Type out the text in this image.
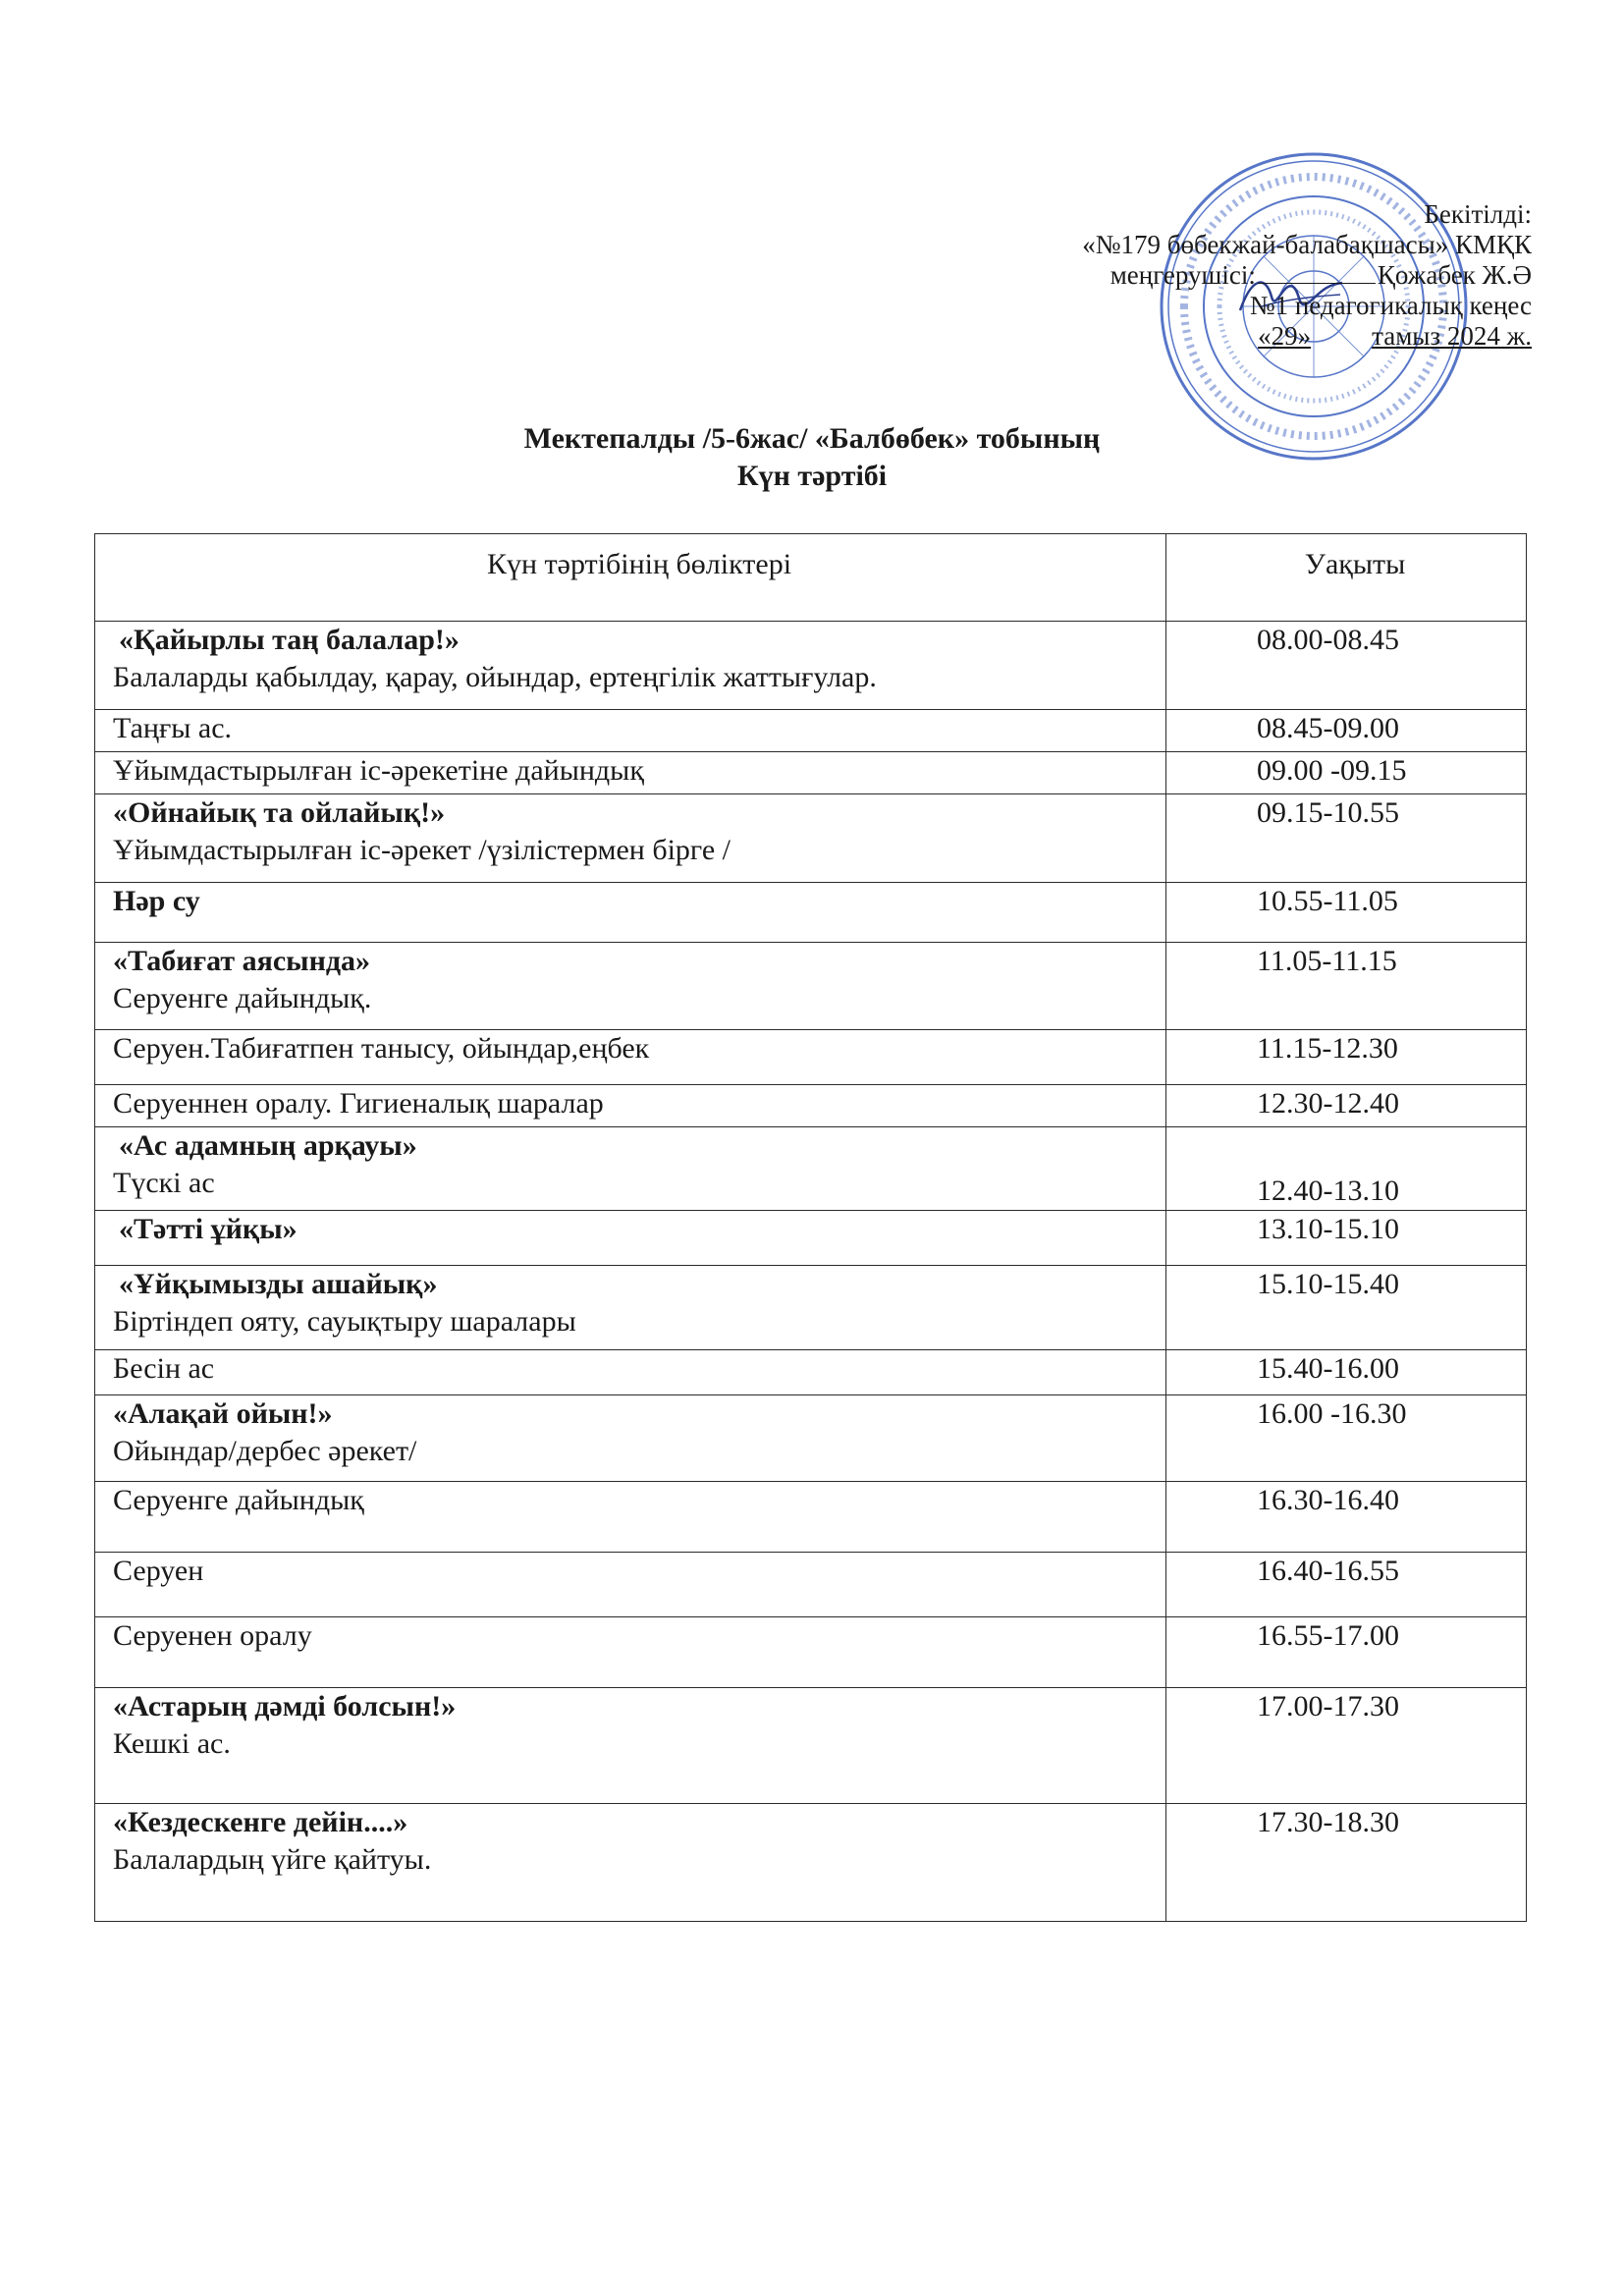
Бекітілді:
«№179 бөбекжай-балабақшасы» КМҚК
меңгерушісі:	Қожабек Ж.Ә
№1 педагогикалық кеңес
«29» тамыз 2024 ж.
Мектепалды /5-6жас/ «Балбөбек» тобының
Күн тәртібі
Күн тәртібінің бөліктері	Уақыты

«Қайырлы таң балалар!»
Балаларды қабылдау, қарау, ойындар, ертеңгілік жаттығулар.	08.00-08.45

Таңғы ас.	08.45-09.00

Ұйымдастырылған іс-әрекетіне дайындық	09.00 -09.15

«Ойнайық та ойлайық!»
Ұйымдастырылған іс-әрекет /үзілістермен бірге /	09.15-10.55

Нәр су	10.55-11.05

«Табиғат аясында»
Серуенге дайындық.	11.05-11.15

Серуен.Табиғатпен танысу, ойындар,еңбек	11.15-12.30

Серуеннен оралу. Гигиеналық шаралар	12.30-12.40

«Ас адамның арқауы»
Түскі ас	12.40-13.10

«Тәтті ұйқы»	13.10-15.10

«Ұйқымызды ашайық»
Біртіндеп ояту, сауықтыру шаралары	15.10-15.40

Бесін ас	15.40-16.00

«Алақай ойын!»
Ойындар/дербес әрекет/	16.00 -16.30

Серуенге дайындық	16.30-16.40

Серуен	16.40-16.55

Серуенен оралу	16.55-17.00

«Астарың дәмді болсын!»
Кешкі ас.	17.00-17.30

«Кездескенге дейін....»
Балалардың үйге қайтуы.	17.30-18.30
